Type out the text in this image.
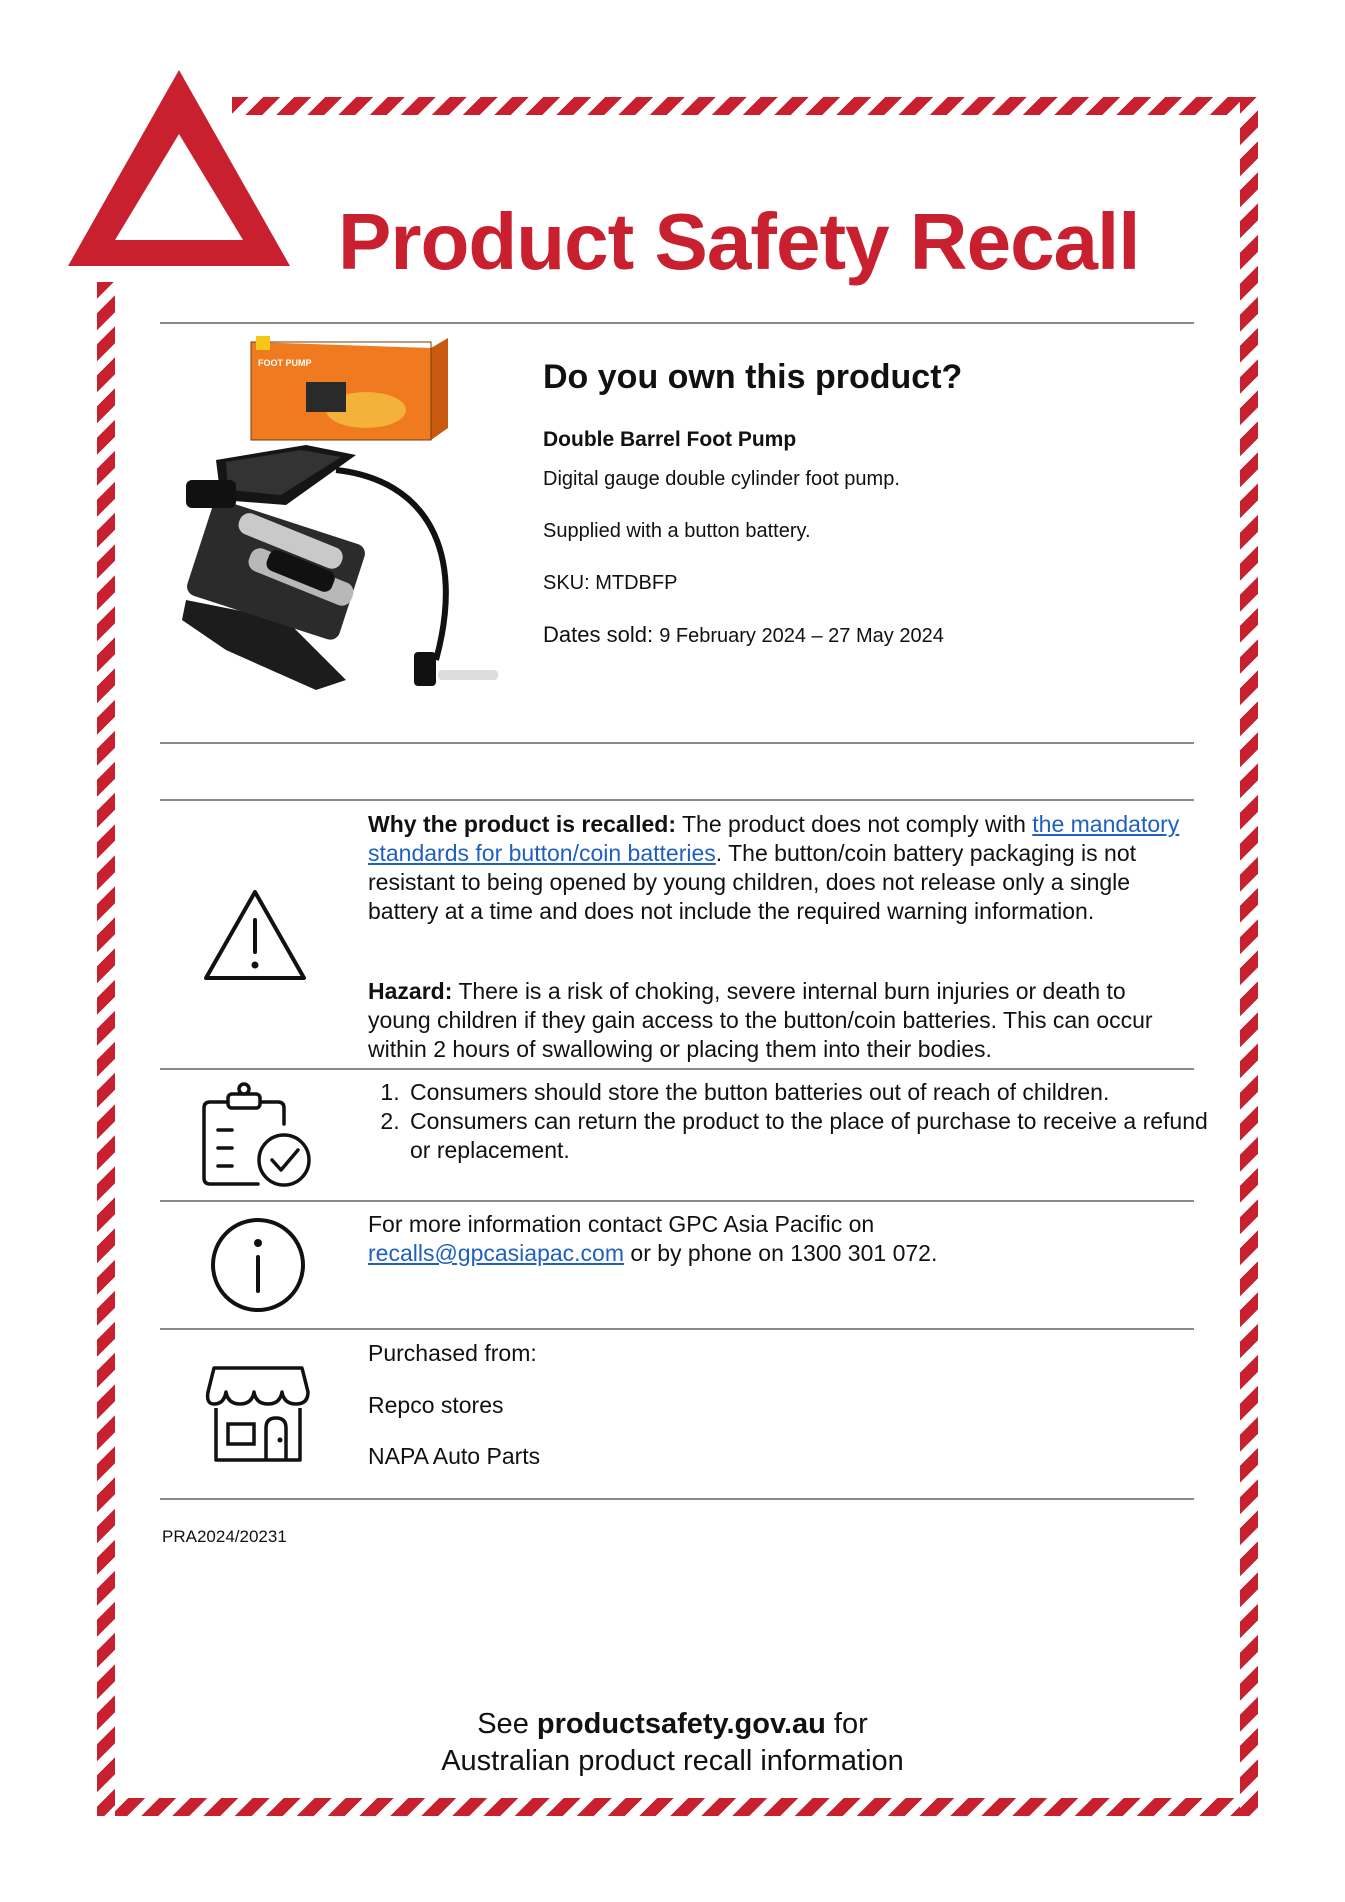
Product Safety Recall
FOOT PUMP	Do you own this product?

Double Barrel Foot Pump

Digital gauge double cylinder foot pump.

Supplied with a button battery.

SKU: MTDBFP

Dates sold: 9 February 2024 – 27 May 2024

Why the product is recalled: The product does not comply with the mandatory standards for button/coin batteries. The button/coin battery packaging is not resistant to being opened by young children, does not release only a single battery at a time and does not include the required warning information.

Hazard: There is a risk of choking, severe internal burn injuries or death to young children if they gain access to the button/coin batteries. This can occur within 2 hours of swallowing or placing them into their bodies.

1. Consumers should store the button batteries out of reach of children.
2. Consumers can return the product to the place of purchase to receive a refund or replacement.

For more information contact GPC Asia Pacific on
recalls@gpcasiapac.com or by phone on 1300 301 072.

Purchased from:

Repco stores

NAPA Auto Parts

PRA2024/20231

See productsafety.gov.au for
Australian product recall information
